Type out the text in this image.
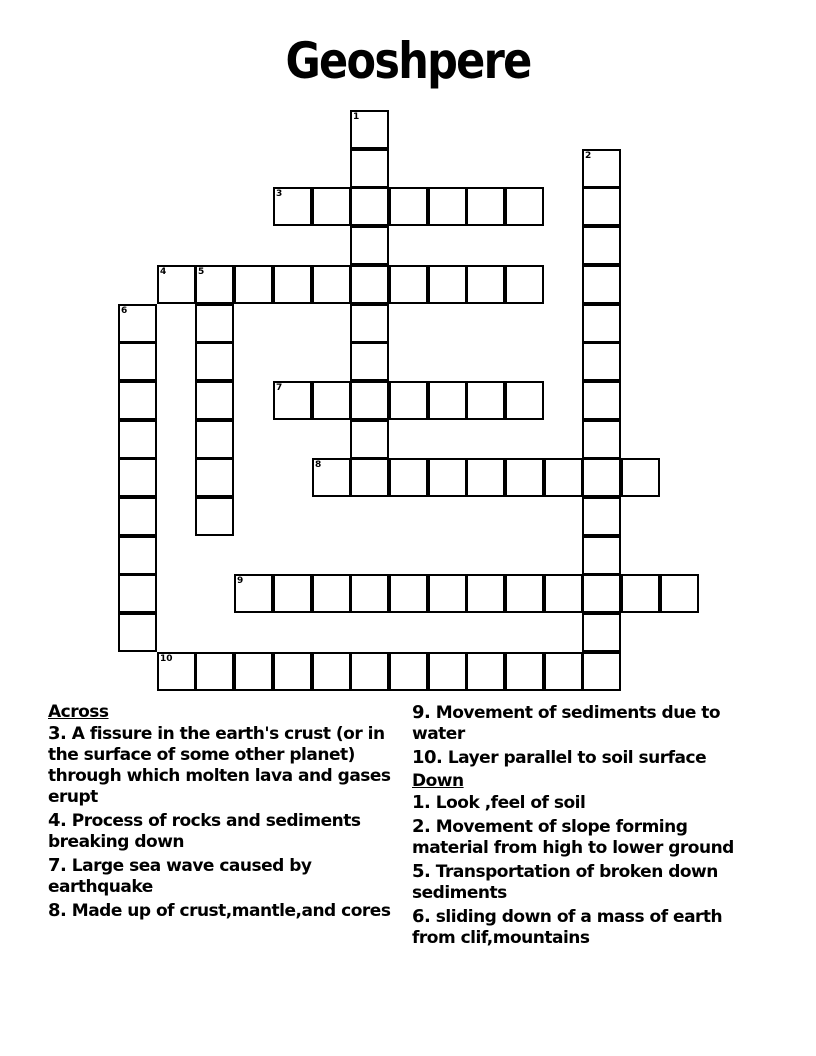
Geoshpere
1
2
3
4	5
6
7
8
9
10
Across
3. A fissure in the earth's crust (or in the surface of some other planet) through which molten lava and gases erupt
4. Process of rocks and sediments breaking down
7. Large sea wave caused by earthquake
8. Made up of crust,mantle,and cores
9. Movement of sediments due to water
10. Layer parallel to soil surface
Down
1. Look ,feel of soil
2. Movement of slope forming material from high to lower ground
5. Transportation of broken down sediments
6. sliding down of a mass of earth from clif,mountains
